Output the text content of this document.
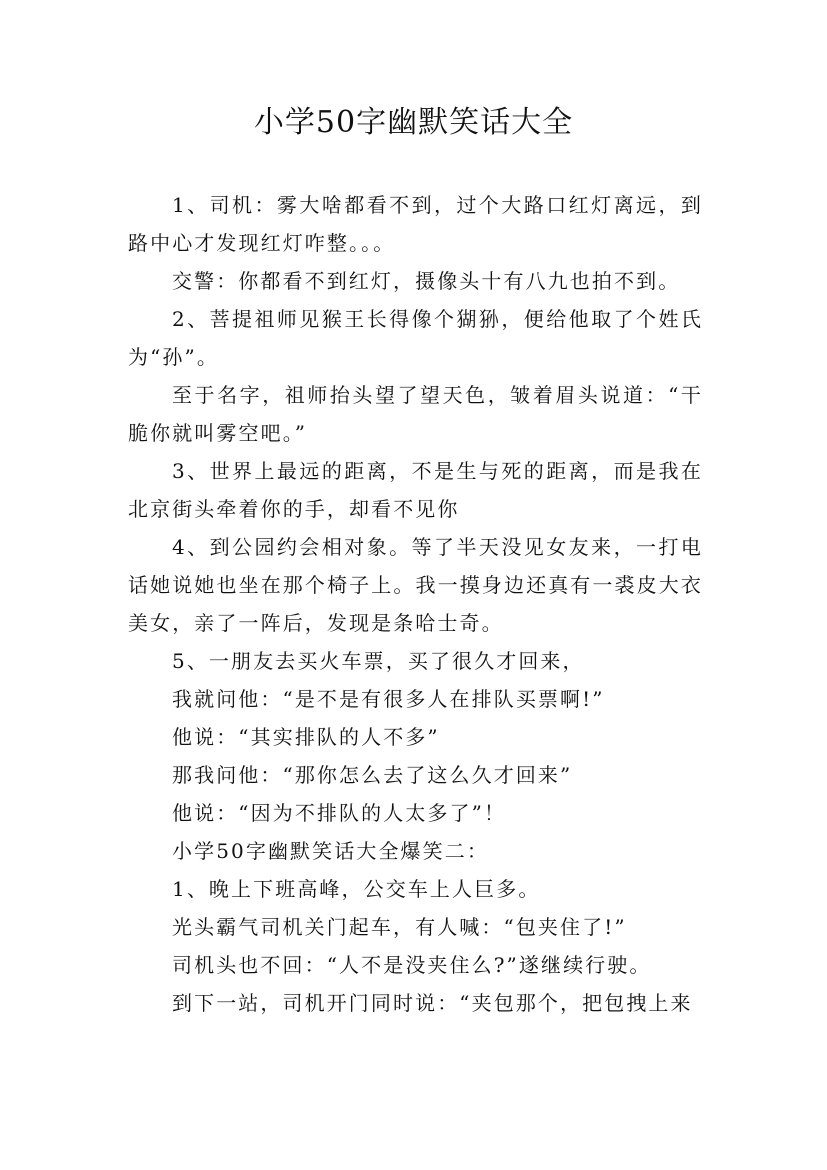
小学50字幽默笑话大全

1、司机：雾大啥都看不到，过个大路口红灯离远，到路中心才发现红灯咋整。。。

交警：你都看不到红灯，摄像头十有八九也拍不到。

2、菩提祖师见猴王长得像个猢狲，便给他取了个姓氏为“孙”。

至于名字，祖师抬头望了望天色，皱着眉头说道：“干脆你就叫雾空吧。”

3、世界上最远的距离，不是生与死的距离，而是我在北京街头牵着你的手，却看不见你

4、到公园约会相对象。等了半天没见女友来，一打电话她说她也坐在那个椅子上。我一摸身边还真有一裘皮大衣美女，亲了一阵后，发现是条哈士奇。

5、一朋友去买火车票，买了很久才回来，

我就问他：“是不是有很多人在排队买票啊!”

他说：“其实排队的人不多”

那我问他：“那你怎么去了这么久才回来”

他说：“因为不排队的人太多了”！

小学50字幽默笑话大全爆笑二：

1、晚上下班高峰，公交车上人巨多。

光头霸气司机关门起车，有人喊：“包夹住了!”

司机头也不回：“人不是没夹住么?”遂继续行驶。

到下一站，司机开门同时说：“夹包那个，把包拽上来
